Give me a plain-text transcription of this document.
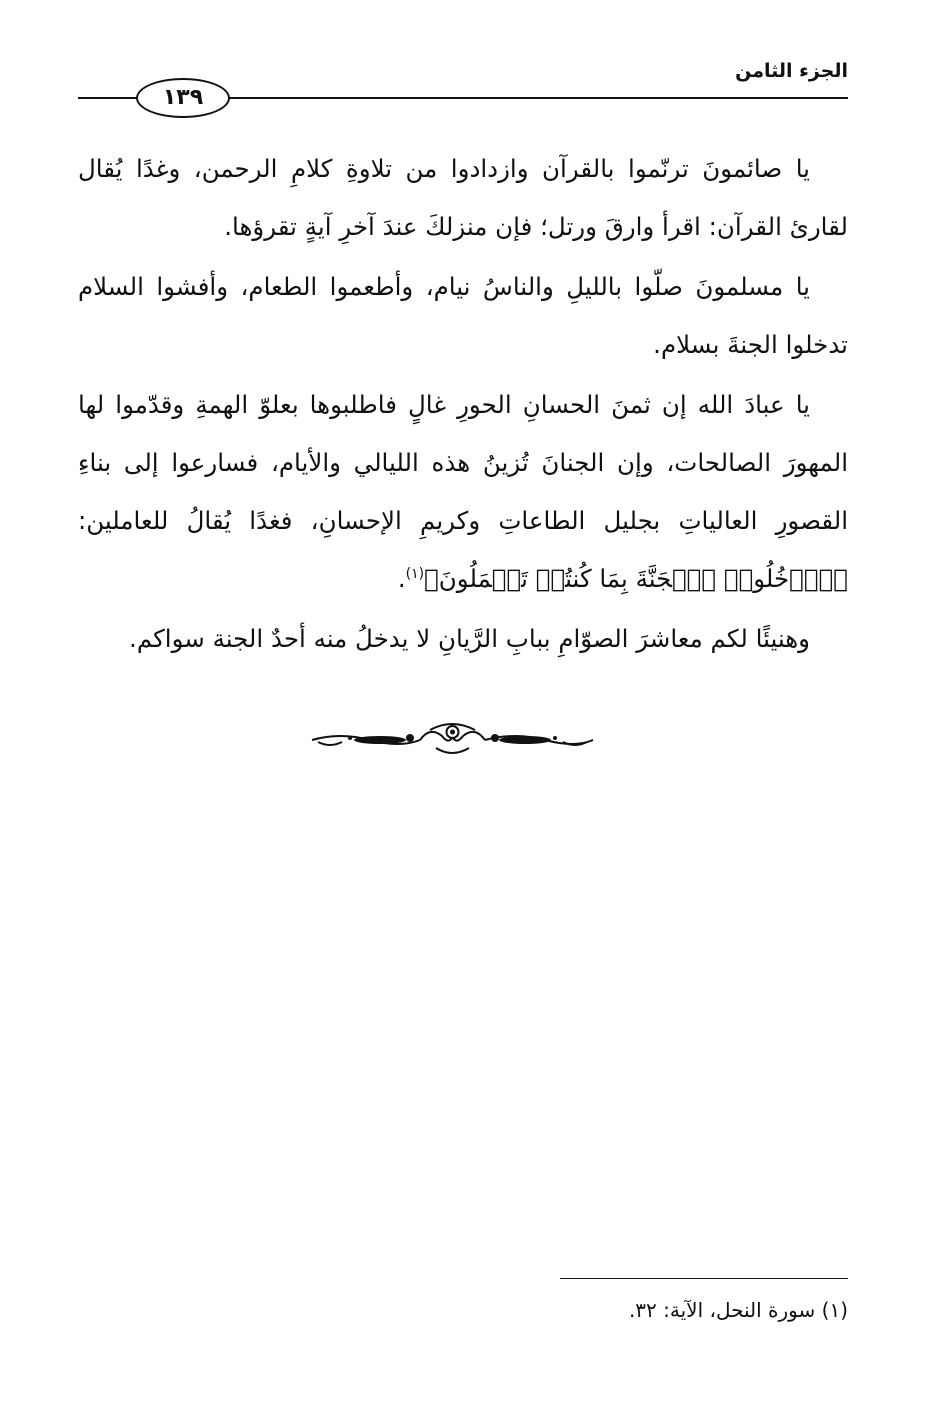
الجزء الثامن
١٣٩

يا صائمونَ ترنّموا بالقرآن وازدادوا من تلاوةِ كلامِ الرحمن، وغدًا يُقال لقارئ القرآن: اقرأ وارقَ ورتل؛ فإن منزلكَ عندَ آخرِ آيةٍ تقرؤها.

يا مسلمونَ صلّوا بالليلِ والناسُ نيام، وأطعموا الطعام، وأفشوا السلام تدخلوا الجنةَ بسلام.

يا عبادَ الله إن ثمنَ الحسانِ الحورِ غالٍ فاطلبوها بعلوّ الهمةِ وقدّموا لها المهورَ الصالحات، وإن الجنانَ تُزينُ هذه الليالي والأيام، فسارعوا إلى بناءِ القصورِ العالياتِ بجليل الطاعاتِ وكريمِ الإحسانِ، فغدًا يُقالُ للعاملين: ﴿ٱدۡخُلُوا۟ ٱلۡجَنَّةَ بِمَا كُنتُمۡ تَعۡمَلُونَ﴾$^{(١)}$.

وهنيئًا لكم معاشرَ الصوّامِ ببابِ الرَّيانِ لا يدخلُ منه أحدٌ الجنة سواكم.

(١) سورة النحل، الآية: ٣٢.
